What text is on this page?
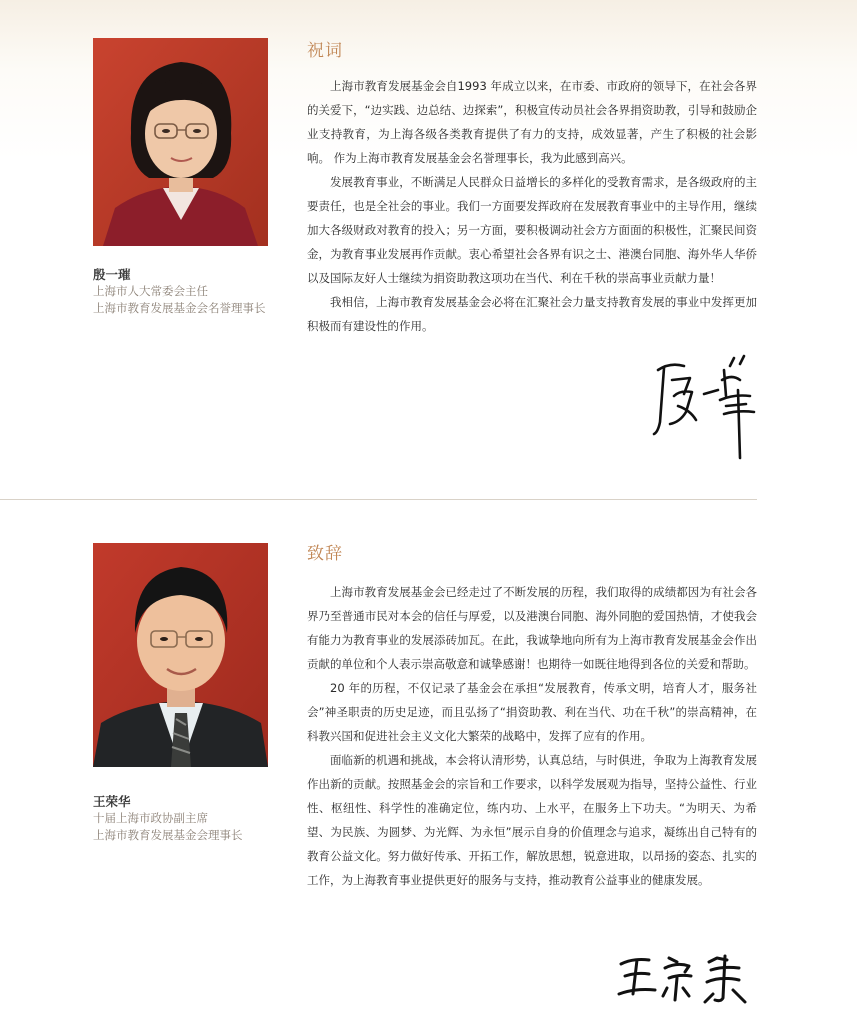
殷一璀
上海市人大常委会主任
上海市教育发展基金会名誉理事长
祝词

上海市教育发展基金会自1993 年成立以来，在市委、市政府的领导下，在社会各界的关爱下，“边实践、边总结、边探索”，积极宣传动员社会各界捐资助教，引导和鼓励企业支持教育，为上海各级各类教育提供了有力的支持，成效显著，产生了积极的社会影响。 作为上海市教育发展基金会名誉理事长，我为此感到高兴。

发展教育事业，不断满足人民群众日益增长的多样化的受教育需求，是各级政府的主要责任，也是全社会的事业。我们一方面要发挥政府在发展教育事业中的主导作用，继续加大各级财政对教育的投入；另一方面，要积极调动社会方方面面的积极性，汇聚民间资金，为教育事业发展再作贡献。衷心希望社会各界有识之士、港澳台同胞、海外华人华侨以及国际友好人士继续为捐资助教这项功在当代、利在千秋的崇高事业贡献力量！

我相信，上海市教育发展基金会必将在汇聚社会力量支持教育发展的事业中发挥更加积极而有建设性的作用。

王荣华
十届上海市政协副主席
上海市教育发展基金会理事长
致辞

上海市教育发展基金会已经走过了不断发展的历程，我们取得的成绩都因为有社会各界乃至普通市民对本会的信任与厚爱，以及港澳台同胞、海外同胞的爱国热情，才使我会有能力为教育事业的发展添砖加瓦。在此，我诚挚地向所有为上海市教育发展基金会作出贡献的单位和个人表示崇高敬意和诚挚感谢！也期待一如既往地得到各位的关爱和帮助。

20 年的历程，不仅记录了基金会在承担“发展教育，传承文明，培育人才，服务社会”神圣职责的历史足迹，而且弘扬了“捐资助教、利在当代、功在千秋”的崇高精神，在科教兴国和促进社会主义文化大繁荣的战略中，发挥了应有的作用。

面临新的机遇和挑战，本会将认清形势，认真总结，与时俱进，争取为上海教育发展作出新的贡献。按照基金会的宗旨和工作要求，以科学发展观为指导，坚持公益性、行业性、枢纽性、科学性的准确定位，练内功、上水平，在服务上下功夫。“为明天、为希望、为民族、为圆梦、为光辉、为永恒”展示自身的价值理念与追求，凝练出自己特有的教育公益文化。努力做好传承、开拓工作，解放思想，锐意进取，以昂扬的姿态、扎实的工作，为上海教育事业提供更好的服务与支持，推动教育公益事业的健康发展。
